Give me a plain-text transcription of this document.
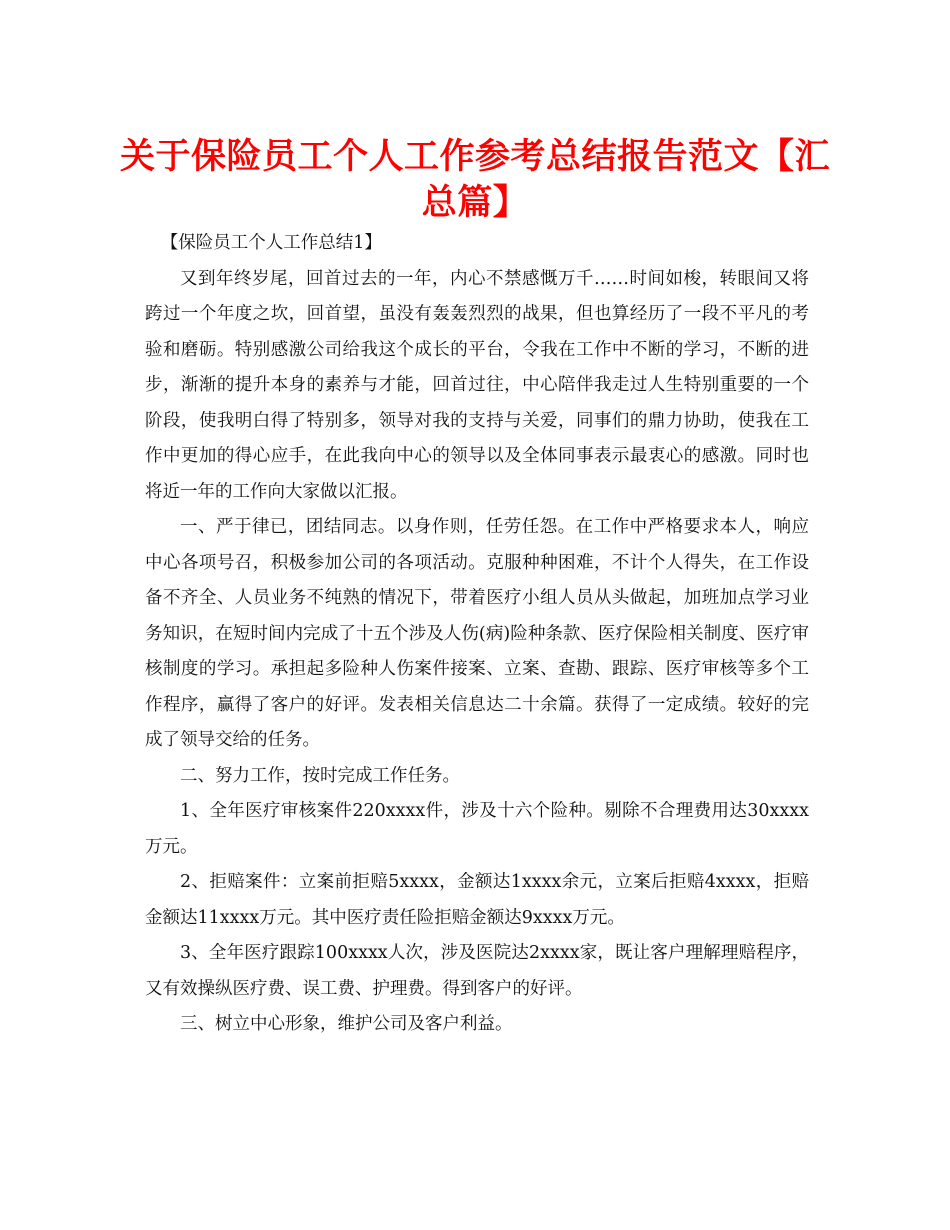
关于保险员工个人工作参考总结报告范文【汇总篇】

【保险员工个人工作总结1】

又到年终岁尾，回首过去的一年，内心不禁感慨万千……时间如梭，转眼间又将跨过一个年度之坎，回首望，虽没有轰轰烈烈的战果，但也算经历了一段不平凡的考验和磨砺。特别感激公司给我这个成长的平台，令我在工作中不断的学习，不断的进步，渐渐的提升本身的素养与才能，回首过往，中心陪伴我走过人生特别重要的一个阶段，使我明白得了特别多，领导对我的支持与关爱，同事们的鼎力协助，使我在工作中更加的得心应手，在此我向中心的领导以及全体同事表示最衷心的感激。同时也将近一年的工作向大家做以汇报。

一、严于律已，团结同志。以身作则，任劳任怨。在工作中严格要求本人，响应中心各项号召，积极参加公司的各项活动。克服种种困难，不计个人得失，在工作设备不齐全、人员业务不纯熟的情况下，带着医疗小组人员从头做起，加班加点学习业务知识，在短时间内完成了十五个涉及人伤(病)险种条款、医疗保险相关制度、医疗审核制度的学习。承担起多险种人伤案件接案、立案、查勘、跟踪、医疗审核等多个工作程序，赢得了客户的好评。发表相关信息达二十余篇。获得了一定成绩。较好的完成了领导交给的任务。

二、努力工作，按时完成工作任务。

1、全年医疗审核案件220xxxx件，涉及十六个险种。剔除不合理费用达30xxxx万元。

2、拒赔案件：立案前拒赔5xxxx，金额达1xxxx余元，立案后拒赔4xxxx，拒赔金额达11xxxx万元。其中医疗责任险拒赔金额达9xxxx万元。

3、全年医疗跟踪100xxxx人次，涉及医院达2xxxx家，既让客户理解理赔程序，又有效操纵医疗费、误工费、护理费。得到客户的好评。

三、树立中心形象，维护公司及客户利益。
